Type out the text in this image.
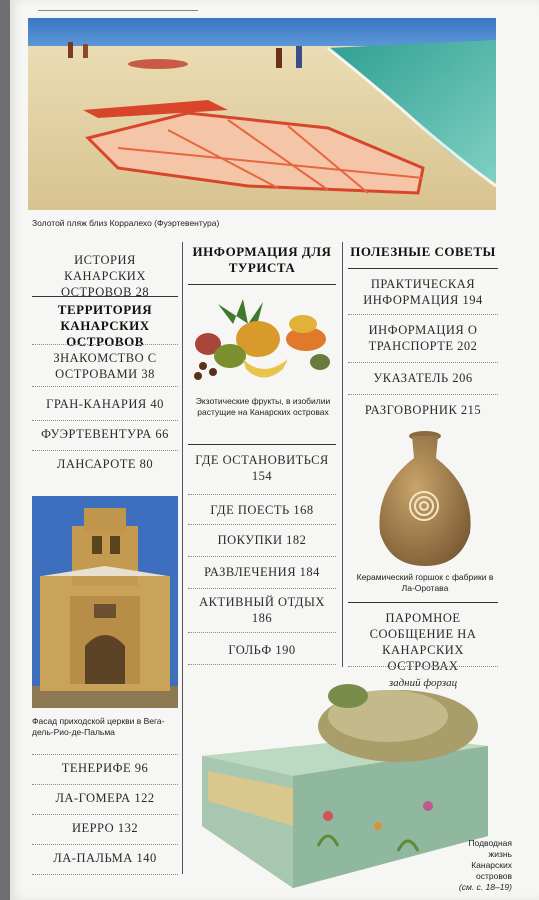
Золотой пляж близ Корралехо (Фуэртевентура)
ИСТОРИЯ КАНАРСКИХ ОСТРОВОВ 28
ТЕРРИТОРИЯ КАНАРСКИХ ОСТРОВОВ
ЗНАКОМСТВО С ОСТРОВАМИ 38
ГРАН-КАНАРИЯ 40
ФУЭРТЕВЕНТУРА 66
ЛАНСАРОТЕ 80
Фасад приходской церкви в Вега-дель-Рио-де-Пальма
ТЕНЕРИФЕ 96
ЛА-ГОМЕРА 122
ИЕРРО 132
ЛА-ПАЛЬМА 140
ИНФОРМАЦИЯ ДЛЯ ТУРИСТА
Экзотические фрукты, в изобилии растущие на Канарских островах
ГДЕ ОСТАНОВИТЬСЯ
154
ГДЕ ПОЕСТЬ 168
ПОКУПКИ 182
РАЗВЛЕЧЕНИЯ 184
АКТИВНЫЙ ОТДЫХ
186
ГОЛЬФ 190
ПОЛЕЗНЫЕ СОВЕТЫ
ПРАКТИЧЕСКАЯ ИНФОРМАЦИЯ 194
ИНФОРМАЦИЯ О ТРАНСПОРТЕ 202
УКАЗАТЕЛЬ 206
РАЗГОВОРНИК 215
Керамический горшок с фабрики в Ла-Оротава
ПАРОМНОЕ СООБЩЕНИЕ НА КАНАРСКИХ ОСТРОВАХ
задний форзац
Подводная жизнь Канарских островов
(см. с. 18–19)
